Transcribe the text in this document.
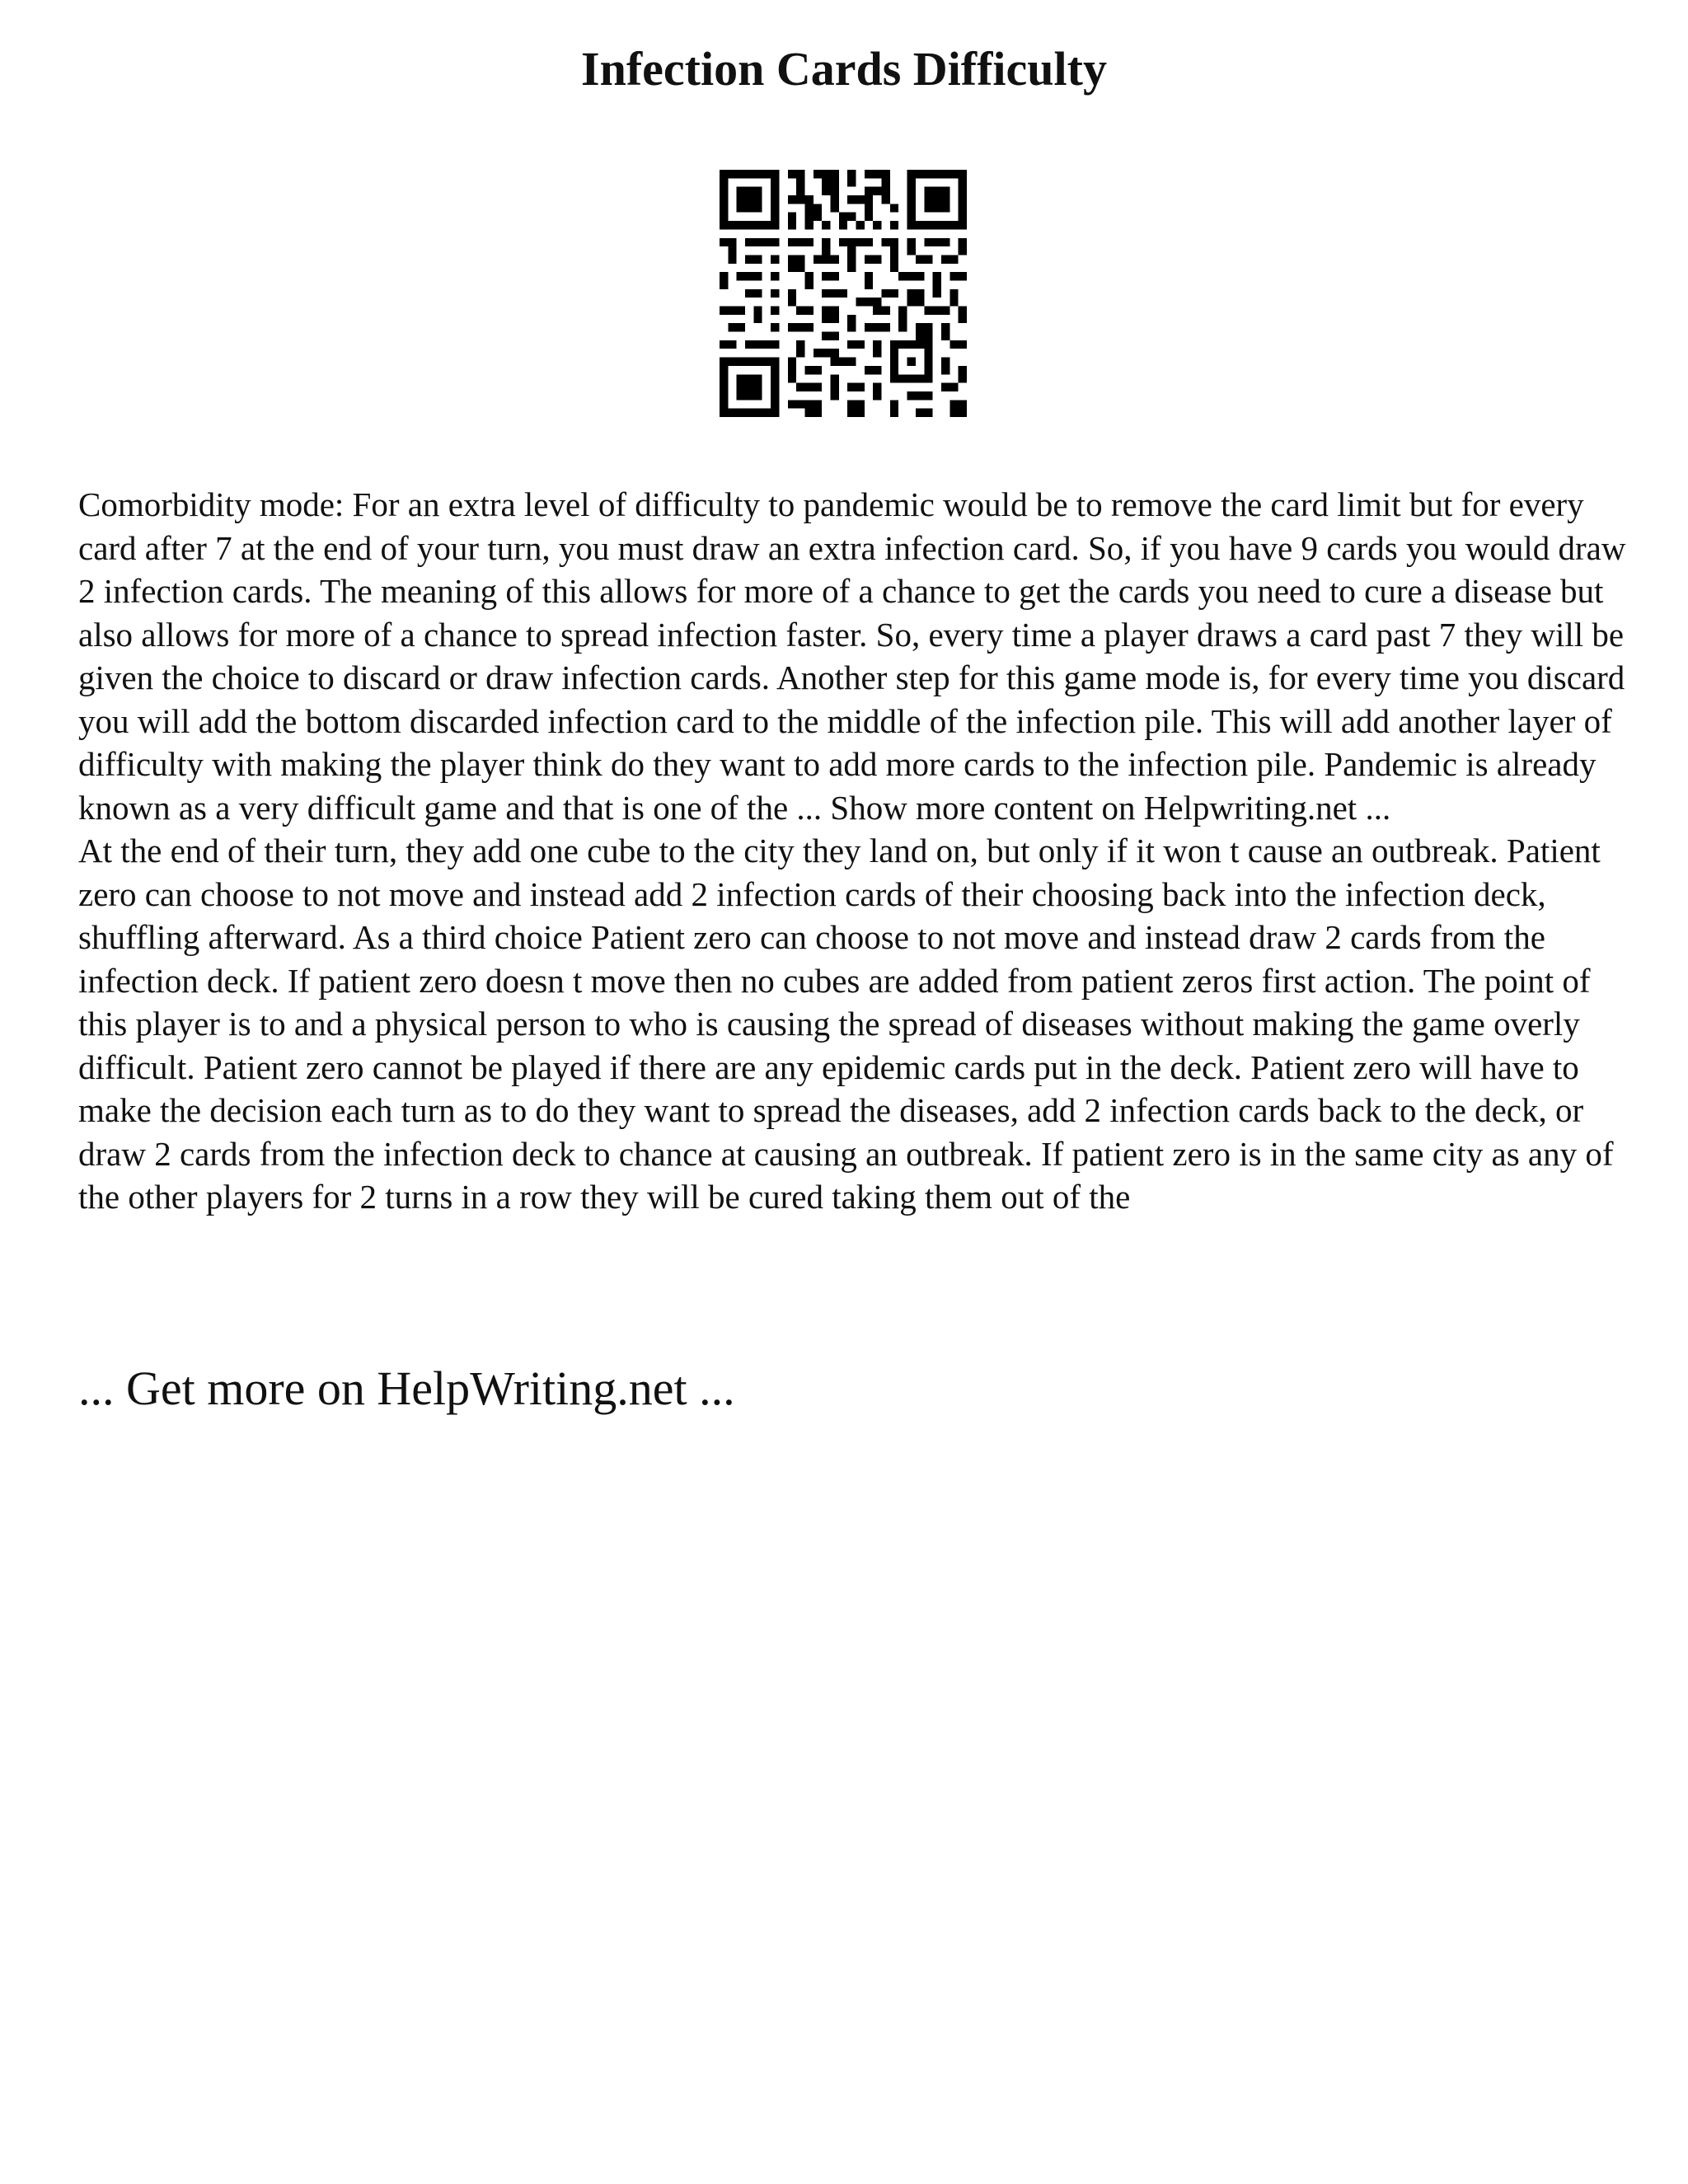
Infection Cards Difficulty

Comorbidity mode: For an extra level of difficulty to pandemic would be to remove the card limit but for every card after 7 at the end of your turn, you must draw an extra infection card. So, if you have 9 cards you would draw 2 infection cards. The meaning of this allows for more of a chance to get the cards you need to cure a disease but also allows for more of a chance to spread infection faster. So, every time a player draws a card past 7 they will be given the choice to discard or draw infection cards. Another step for this game mode is, for every time you discard you will add the bottom discarded infection card to the middle of the infection pile. This will add another layer of difficulty with making the player think do they want to add more cards to the infection pile. Pandemic is already known as a very difficult game and that is one of the ... Show more content on Helpwriting.net ...

At the end of their turn, they add one cube to the city they land on, but only if it won t cause an outbreak. Patient zero can choose to not move and instead add 2 infection cards of their choosing back into the infection deck, shuffling afterward. As a third choice Patient zero can choose to not move and instead draw 2 cards from the infection deck. If patient zero doesn t move then no cubes are added from patient zeros first action. The point of this player is to and a physical person to who is causing the spread of diseases without making the game overly difficult. Patient zero cannot be played if there are any epidemic cards put in the deck. Patient zero will have to make the decision each turn as to do they want to spread the diseases, add 2 infection cards back to the deck, or draw 2 cards from the infection deck to chance at causing an outbreak. If patient zero is in the same city as any of the other players for 2 turns in a row they will be cured taking them out of the

... Get more on HelpWriting.net ...
